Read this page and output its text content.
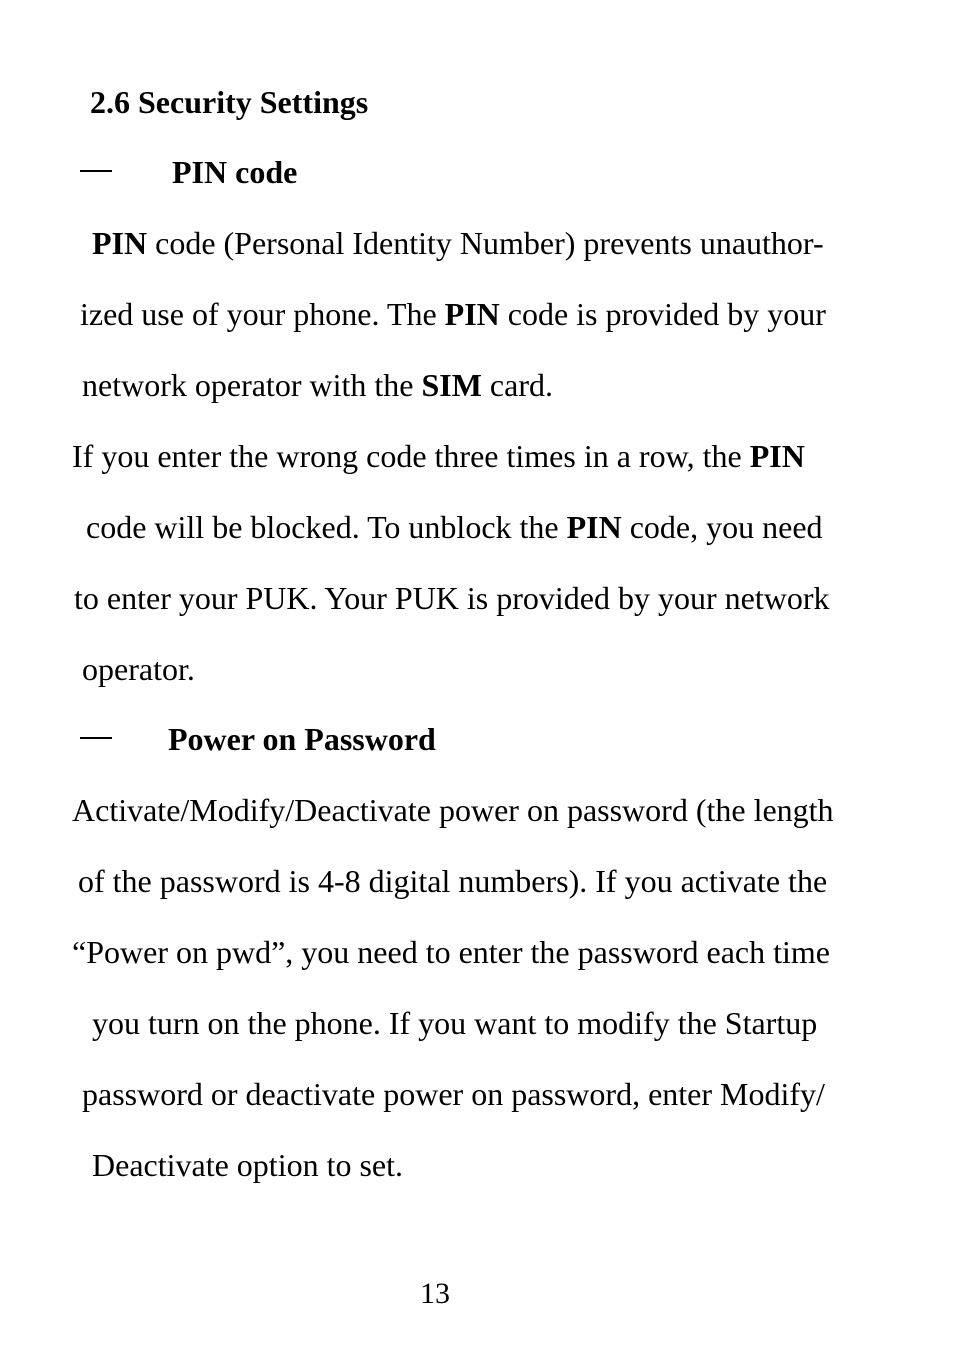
2.6 Security Settings
PIN code
PIN code (Personal Identity Number) prevents unauthor-
ized use of your phone. The PIN code is provided by your
network operator with the SIM card.
If you enter the wrong code three times in a row, the PIN
code will be blocked. To unblock the PIN code, you need
to enter your PUK. Your PUK is provided by your network
operator.
Power on Password
Activate/Modify/Deactivate power on password (the length
of the password is 4-8 digital numbers). If you activate the
“Power on pwd”, you need to enter the password each time
you turn on the phone. If you want to modify the Startup
password or deactivate power on password, enter Modify/
Deactivate option to set.
13
